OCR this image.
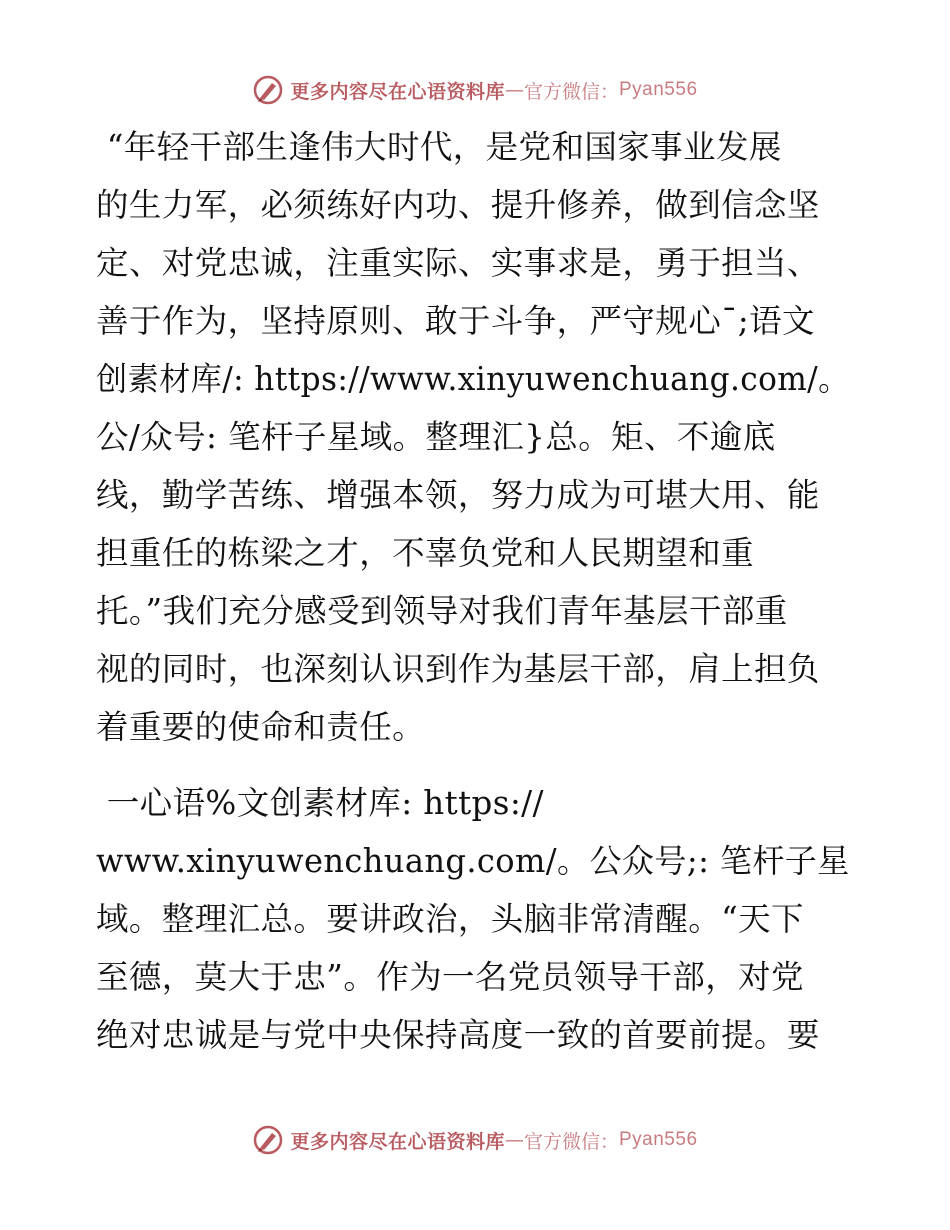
更多内容尽在心语资料库 — 官方微信： Pyan556
“年轻干部生逢伟大时代，是党和国家事业发展
的生力军，必须练好内功、提升修养，做到信念坚
定、对党忠诚，注重实际、实事求是，勇于担当、
善于作为，坚持原则、敢于斗争，严守规心¯;语文
创素材库/: https://www.xinyuwenchuang.com/。
公/众号: 笔杆子星域。整理汇}总。矩、不逾底
线，勤学苦练、增强本领，努力成为可堪大用、能
担重任的栋梁之才，不辜负党和人民期望和重
托。”我们充分感受到领导对我们青年基层干部重
视的同时，也深刻认识到作为基层干部，肩上担负
着重要的使命和责任。
一心语%文创素材库: https://
www.xinyuwenchuang.com/。公众号;: 笔杆子星
域。整理汇总。要讲政治，头脑非常清醒。“天下
至德，莫大于忠”。作为一名党员领导干部，对党
绝对忠诚是与党中央保持高度一致的首要前提。要
更多内容尽在心语资料库 — 官方微信： Pyan556
